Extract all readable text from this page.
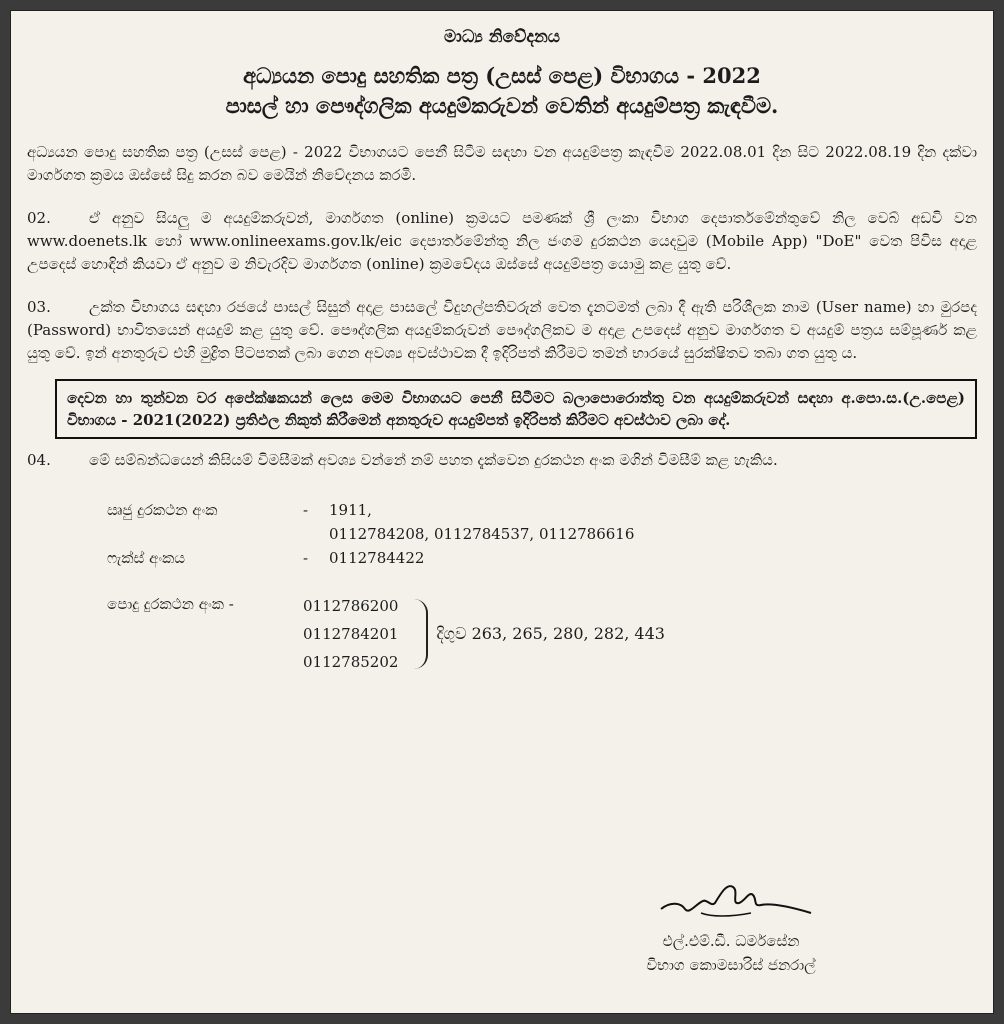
මාධ්‍ය නිවේදනය
අධ්‍යයන පොදු සහතික පත්‍ර (උසස් පෙළ) විභාගය - 2022
පාසල් හා පෞද්ගලික අයදුම්කරුවන් වෙතින් අයදුම්පත්‍ර කැඳවීම.
අධ්‍යයන පොදු සහතික පත්‍ර (උසස් පෙළ) - 2022 විභාගයට පෙනී සිටීම සඳහා වන අයදුම්පත්‍ර කැඳවීම 2022.08.01 දින සිට 2022.08.19 දින දක්වා මාර්ගගත ක්‍රමය ඔස්සේ සිදු කරන බව මෙයින් නිවේදනය කරමි.
02.	ඒ අනුව සියලු ම අයදුම්කරුවන්, මාර්ගගත (online) ක්‍රමයට පමණක් ශ්‍රී ලංකා විභාග දෙපාර්තමේන්තුවේ නිල වෙබ් අඩවි වන www.doenets.lk හෝ www.onlineexams.gov.lk/eic දෙපාර්තමේන්තු නිල ජංගම දුරකථන යෙදවුම (Mobile App) "DoE" වෙත පිවිස අදාළ උපදෙස් හොඳින් කියවා ඒ අනුව ම නිවැරදිව මාර්ගගත (online) ක්‍රමවේදය ඔස්සේ අයදුම්පත්‍ර යොමු කළ යුතු වේ.
03.	උක්ත විභාගය සඳහා රජයේ පාසල් සිසුන් අදාළ පාසලේ විදුහල්පතිවරුන් වෙත දැනටමත් ලබා දී ඇති පරිශීලක නාම (User name) හා මුරපද (Password) භාවිතයෙන් අයදුම් කළ යුතු වේ. පෞද්ගලික අයදුම්කරුවන් පෞද්ගලිකව ම අදාළ උපදෙස් අනුව මාර්ගගත ව අයදුම් පත්‍රය සම්පූර්ණ කළ යුතු වේ. ඉන් අනතුරුව එහි මුද්‍රිත පිටපතක් ලබා ගෙන අවශ්‍ය අවස්ථාවක දී ඉදිරිපත් කිරීමට තමන් භාරයේ සුරක්ෂිතව තබා ගත යුතු ය.
දෙවන හා තුන්වන වර අපේක්ෂකයන් ලෙස මෙම විභාගයට පෙනී සිටීමට බලාපොරොත්තු වන අයදුම්කරුවන් සඳහා අ.පො.ස.(උ.පෙළ) විභාගය - 2021(2022) ප්‍රතිඵල නිකුත් කිරීමෙන් අනතුරුව අයදුම්පත් ඉදිරිපත් කිරීමට අවස්ථාව ලබා දේ.
04.	මේ සම්බන්ධයෙන් කිසියම් විමසීමක් අවශ්‍ය වන්නේ නම් පහත දැක්වෙන දුරකථන අංක මගින් විමසීම් කළ හැකිය.
ඍජු දුරකථන අංක	-	1911,
0112784208, 0112784537, 0112786616
ෆැක්ස් අංකය	-	0112784422
පොදු දුරකථන අංක -	0112786200
0112784201
0112785202
දිගුව 263, 265, 280, 282, 443
එල්.එම්.ඩී. ධර්මසේන
විභාග කොමසාරිස් ජනරාල්
